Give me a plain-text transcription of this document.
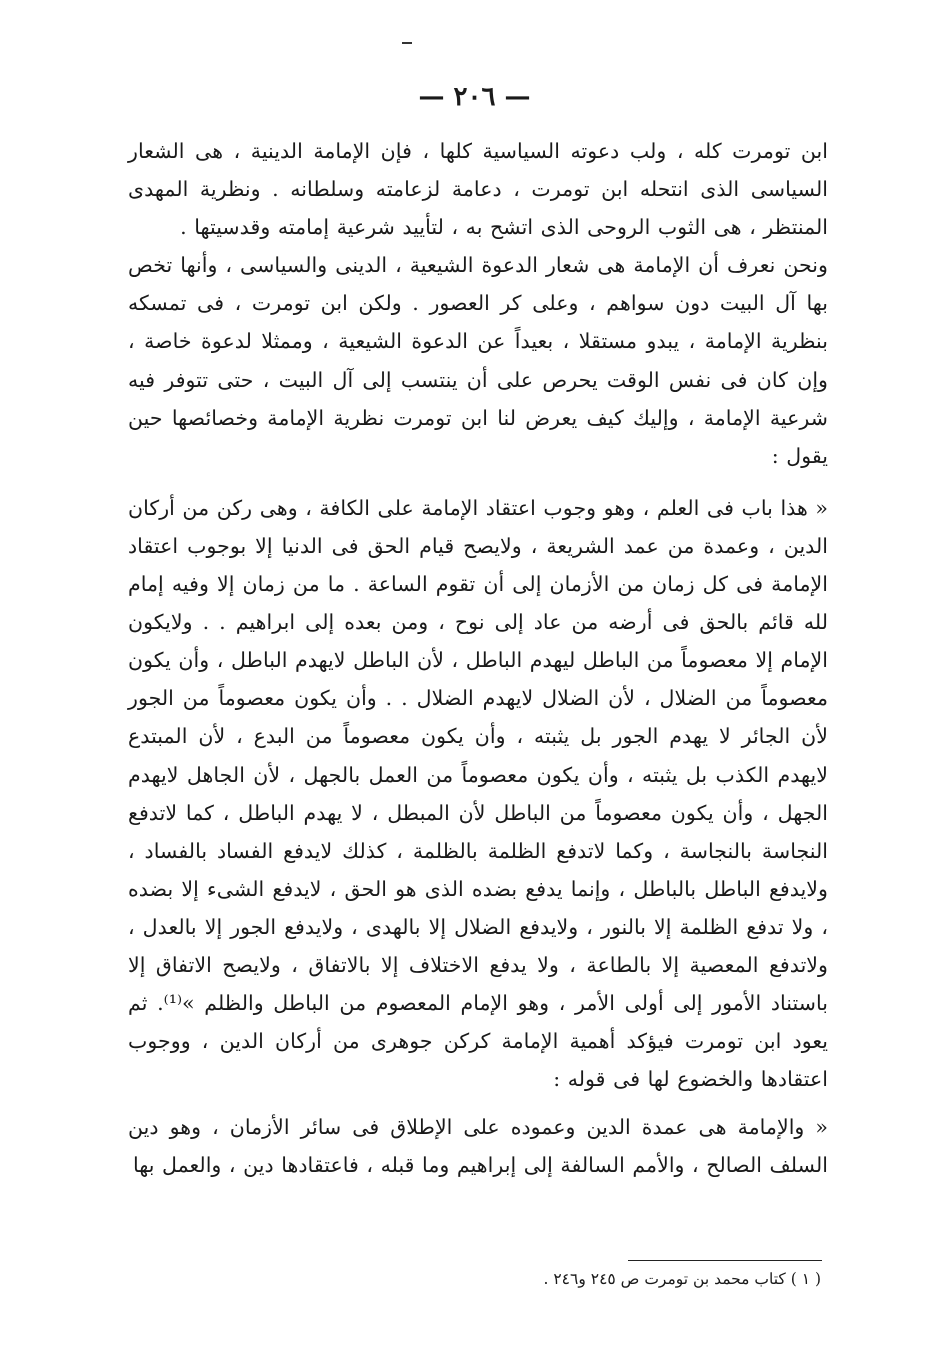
— ٢٠٦ —

ابن تومرت كله ، ولب دعوته السياسية كلها ، فإن الإمامة الدينية ، هى الشعار السياسى الذى انتحله ابن تومرت ، دعامة لزعامته وسلطانه . ونظرية المهدى المنتظر ، هى الثوب الروحى الذى اتشح به ، لتأييد شرعية إمامته وقدسيتها .

ونحن نعرف أن الإمامة هى شعار الدعوة الشيعية ، الدينى والسياسى ، وأنها تخص بها آل البيت دون سواهم ، وعلى كر العصور . ولكن ابن تومرت ، فى تمسكه بنظرية الإمامة ، يبدو مستقلا ، بعيداً عن الدعوة الشيعية ، وممثلا لدعوة خاصة ، وإن كان فى نفس الوقت يحرص على أن ينتسب إلى آل البيت ، حتى تتوفر فيه شرعية الإمامة ، وإليك كيف يعرض لنا ابن تومرت نظرية الإمامة وخصائصها حين يقول :

« هذا باب فى العلم ، وهو وجوب اعتقاد الإمامة على الكافة ، وهى ركن من أركان الدين ، وعمدة من عمد الشريعة ، ولايصح قيام الحق فى الدنيا إلا بوجوب اعتقاد الإمامة فى كل زمان من الأزمان إلى أن تقوم الساعة . ما من زمان إلا وفيه إمام لله قائم بالحق فى أرضه من عاد إلى نوح ، ومن بعده إلى ابراهيم . . ولايكون الإمام إلا معصوماً من الباطل ليهدم الباطل ، لأن الباطل لايهدم الباطل ، وأن يكون معصوماً من الضلال ، لأن الضلال لايهدم الضلال . . وأن يكون معصوماً من الجور لأن الجائر لا يهدم الجور بل يثبته ، وأن يكون معصوماً من البدع ، لأن المبتدع لايهدم الكذب بل يثبته ، وأن يكون معصوماً من العمل بالجهل ، لأن الجاهل لايهدم الجهل ، وأن يكون معصوماً من الباطل لأن المبطل ، لا يهدم الباطل ، كما لاتدفع النجاسة بالنجاسة ، وكما لاتدفع الظلمة بالظلمة ، كذلك لايدفع الفساد بالفساد ، ولايدفع الباطل بالباطل ، وإنما يدفع بضده الذى هو الحق ، لايدفع الشىء إلا بضده ، ولا تدفع الظلمة إلا بالنور ، ولايدفع الضلال إلا بالهدى ، ولايدفع الجور إلا بالعدل ، ولاتدفع المعصية إلا بالطاعة ، ولا يدفع الاختلاف إلا بالاتفاق ، ولايصح الاتفاق إلا باستناد الأمور إلى أولى الأمر ، وهو الإمام المعصوم من الباطل والظلم »⁽¹⁾. ثم يعود ابن تومرت فيؤكد أهمية الإمامة كركن جوهرى من أركان الدين ، ووجوب اعتقادها والخضوع لها فى قوله :

« والإمامة هى عمدة الدين وعموده على الإطلاق فى سائر الأزمان ، وهو دين السلف الصالح ، والأمم السالفة إلى إبراهيم وما قبله ، فاعتقادها دين ، والعمل بها

( ١ ) كتاب محمد بن تومرت ص ٢٤٥ و٢٤٦ .
